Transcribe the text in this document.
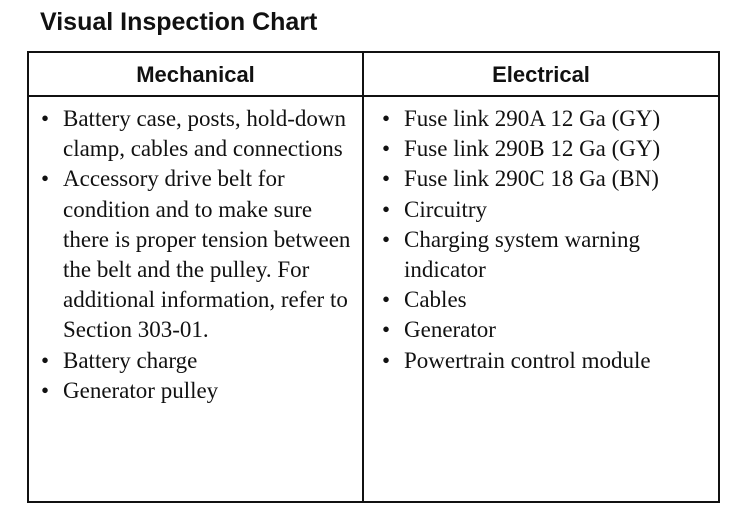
Visual Inspection Chart
Mechanical	Electrical
• Battery case, posts, hold-down clamp, cables and connections
• Accessory drive belt for condition and to make sure there is proper tension between the belt and the pulley. For additional information, refer to Section 303-01.
• Battery charge
• Generator pulley
• Fuse link 290A 12 Ga (GY)
• Fuse link 290B 12 Ga (GY)
• Fuse link 290C 18 Ga (BN)
• Circuitry
• Charging system warning indicator
• Cables
• Generator
• Powertrain control module
